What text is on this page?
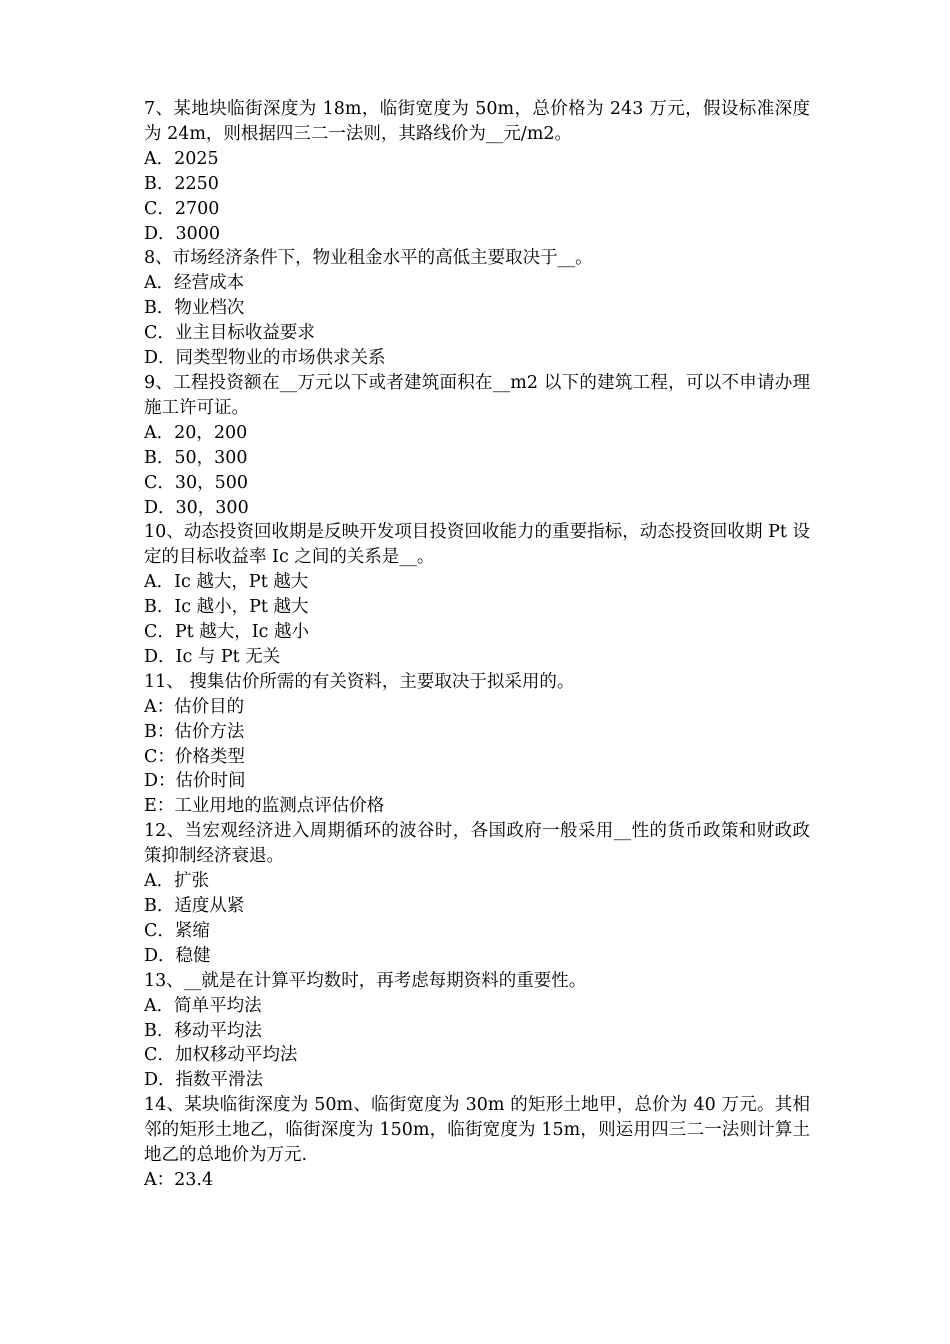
7、某地块临街深度为 18m，临街宽度为 50m，总价格为 243 万元，假设标准深度为 24m，则根据四三二一法则，其路线价为__元/m2。

A．2025

B．2250

C．2700

D．3000

8、市场经济条件下，物业租金水平的高低主要取决于__。

A．经营成本

B．物业档次

C．业主目标收益要求

D．同类型物业的市场供求关系

9、工程投资额在__万元以下或者建筑面积在__m2 以下的建筑工程，可以不申请办理施工许可证。

A．20，200

B．50，300

C．30，500

D．30，300

10、动态投资回收期是反映开发项目投资回收能力的重要指标，动态投资回收期 Pt 设定的目标收益率 Ic 之间的关系是__。

A．Ic 越大，Pt 越大

B．Ic 越小，Pt 越大

C．Pt 越大，Ic 越小

D．Ic 与 Pt 无关

11、 搜集估价所需的有关资料，主要取决于拟采用的。

A：估价目的

B：估价方法

C：价格类型

D：估价时间

E：工业用地的监测点评估价格

12、当宏观经济进入周期循环的波谷时，各国政府一般采用__性的货币政策和财政政策抑制经济衰退。

A．扩张

B．适度从紧

C．紧缩

D．稳健

13、__就是在计算平均数时，再考虑每期资料的重要性。

A．简单平均法

B．移动平均法

C．加权移动平均法

D．指数平滑法

14、某块临街深度为 50m、临街宽度为 30m 的矩形土地甲，总价为 40 万元。其相邻的矩形土地乙，临街深度为 150m，临街宽度为 15m，则运用四三二一法则计算土地乙的总地价为万元.

A：23.4
